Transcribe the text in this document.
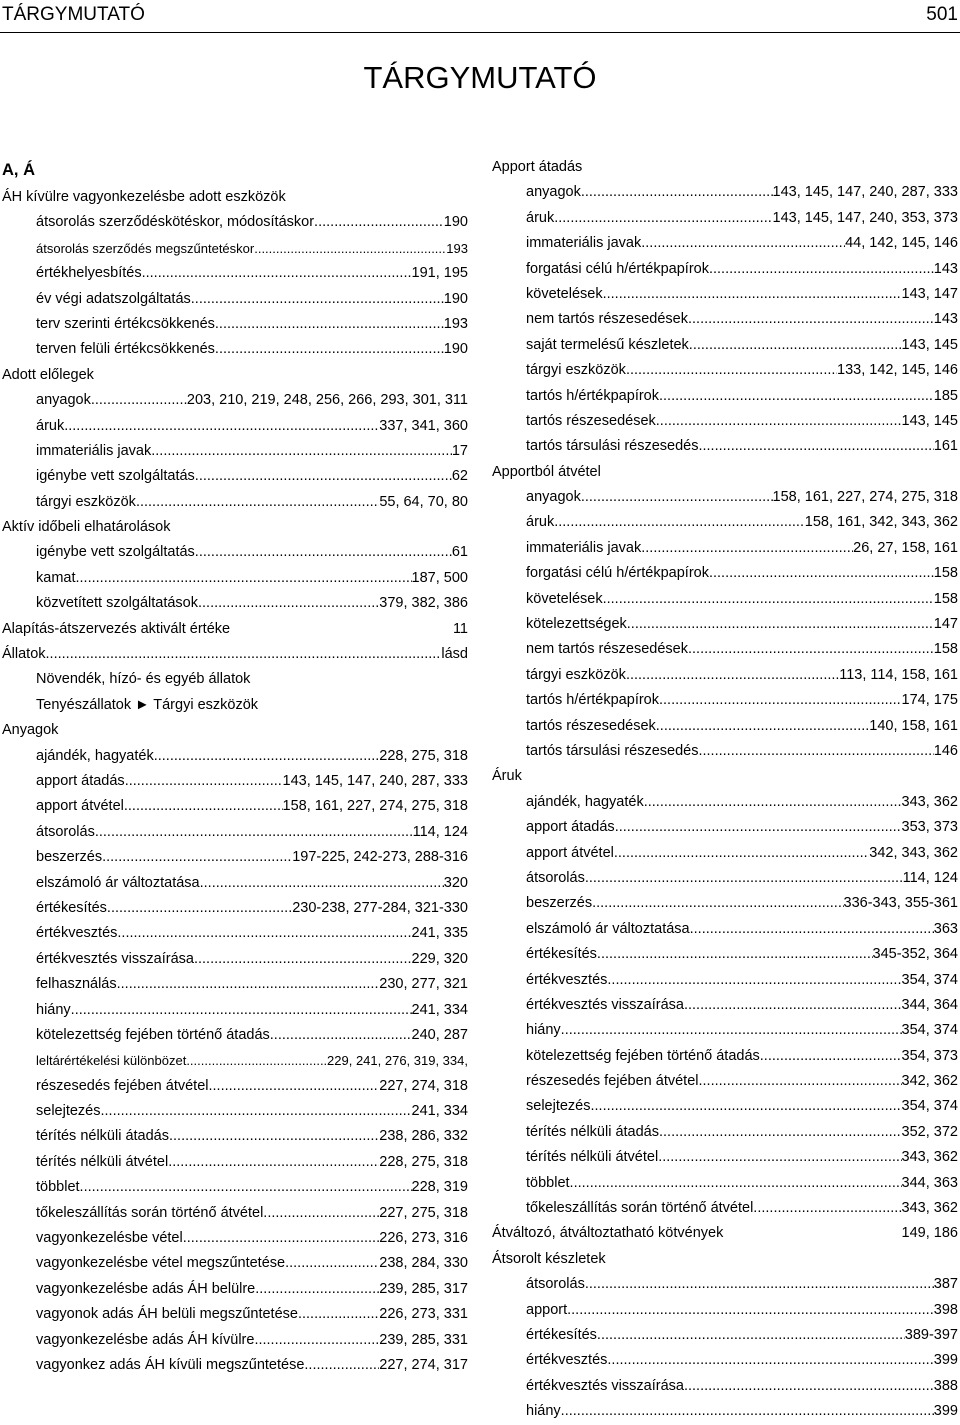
TÁRGYMUTATÓ	501
TÁRGYMUTATÓ
A, Á
ÁH kívülre vagyonkezelésbe adott eszközök
átsorolás szerződéskötéskor, módosításkor .....	190
átsorolás szerződés megszűntetéskor .....	193
értékhelyesbítés .....	191, 195
év végi adatszolgáltatás .....	190
terv szerinti értékcsökkenés .....	193
terven felüli értékcsökkenés .....	190
Adott előlegek
anyagok .....	203, 210, 219, 248, 256, 266, 293, 301, 311
áruk .....	337, 341, 360
immateriális javak .....	17
igénybe vett szolgáltatás .....	62
tárgyi eszközök .....	55, 64, 70, 80
Aktív időbeli elhatárolások
igénybe vett szolgáltatás .....	61
kamat .....	187, 500
közvetített szolgáltatások .....	379, 382, 386
Alapítás-átszervezés aktivált értéke	11
Állatok .....	lásd
Növendék, hízó- és egyéb állatok
Tenyészállatok ► Tárgyi eszközök
Anyagok
ajándék, hagyaték .....	228, 275, 318
apport átadás .....	143, 145, 147, 240, 287, 333
apport átvétel .....	158, 161, 227, 274, 275, 318
átsorolás .....	114, 124
beszerzés .....	197-225, 242-273, 288-316
elszámoló ár változtatása .....	320
értékesítés .....	230-238, 277-284, 321-330
értékvesztés .....	241, 335
értékvesztés visszaírása .....	229, 320
felhasználás .....	230, 277, 321
hiány .....	241, 334
kötelezettség fejében történő átadás .....	240, 287
leltárértékelési különbözet .....	229, 241, 276, 319, 334,
részesedés fejében átvétel .....	227, 274, 318
selejtezés .....	241, 334
térítés nélküli átadás .....	238, 286, 332
térítés nélküli átvétel .....	228, 275, 318
többlet .....	228, 319
tőkeleszállítás során történő átvétel .....	227, 275, 318
vagyonkezelésbe vétel .....	226, 273, 316
vagyonkezelésbe vétel megszűntetése .....	238, 284, 330
vagyonkezelésbe adás ÁH belülre .....	239, 285, 317
vagyonok adás ÁH belüli megszűntetése .....	226, 273, 331
vagyonkezelésbe adás ÁH kívülre .....	239, 285, 331
vagyonkez adás ÁH kívüli megszűntetése .....	227, 274, 317
Apport átadás
anyagok .....	143, 145, 147, 240, 287, 333
áruk .....	143, 145, 147, 240, 353, 373
immateriális javak .....	44, 142, 145, 146
forgatási célú h/értékpapírok .....	143
követelések .....	143, 147
nem tartós részesedések .....	143
saját termelésű készletek .....	143, 145
tárgyi eszközök .....	133, 142, 145, 146
tartós h/értékpapírok .....	185
tartós részesedések .....	143, 145
tartós társulási részesedés .....	161
Apportból átvétel
anyagok .....	158, 161, 227, 274, 275, 318
áruk .....	158, 161, 342, 343, 362
immateriális javak .....	26, 27, 158, 161
forgatási célú h/értékpapírok .....	158
követelések .....	158
kötelezettségek .....	147
nem tartós részesedések .....	158
tárgyi eszközök .....	113, 114, 158, 161
tartós h/értékpapírok .....	174, 175
tartós részesedések .....	140, 158, 161
tartós társulási részesedés .....	146
Áruk
ajándék, hagyaték .....	343, 362
apport átadás .....	353, 373
apport átvétel .....	342, 343, 362
átsorolás .....	114, 124
beszerzés .....	336-343, 355-361
elszámoló ár változtatása .....	363
értékesítés .....	345-352, 364
értékvesztés .....	354, 374
értékvesztés visszaírása .....	344, 364
hiány .....	354, 374
kötelezettség fejében történő átadás .....	354, 373
részesedés fejében átvétel .....	342, 362
selejtezés .....	354, 374
térítés nélküli átadás .....	352, 372
térítés nélküli átvétel .....	343, 362
többlet .....	344, 363
tőkeleszállítás során történő átvétel .....	343, 362
Átváltozó, átváltoztatható kötvények	149, 186
Átsorolt készletek
átsorolás .....	387
apport .....	398
értékesítés .....	389-397
értékvesztés .....	399
értékvesztés visszaírása .....	388
hiány .....	399
